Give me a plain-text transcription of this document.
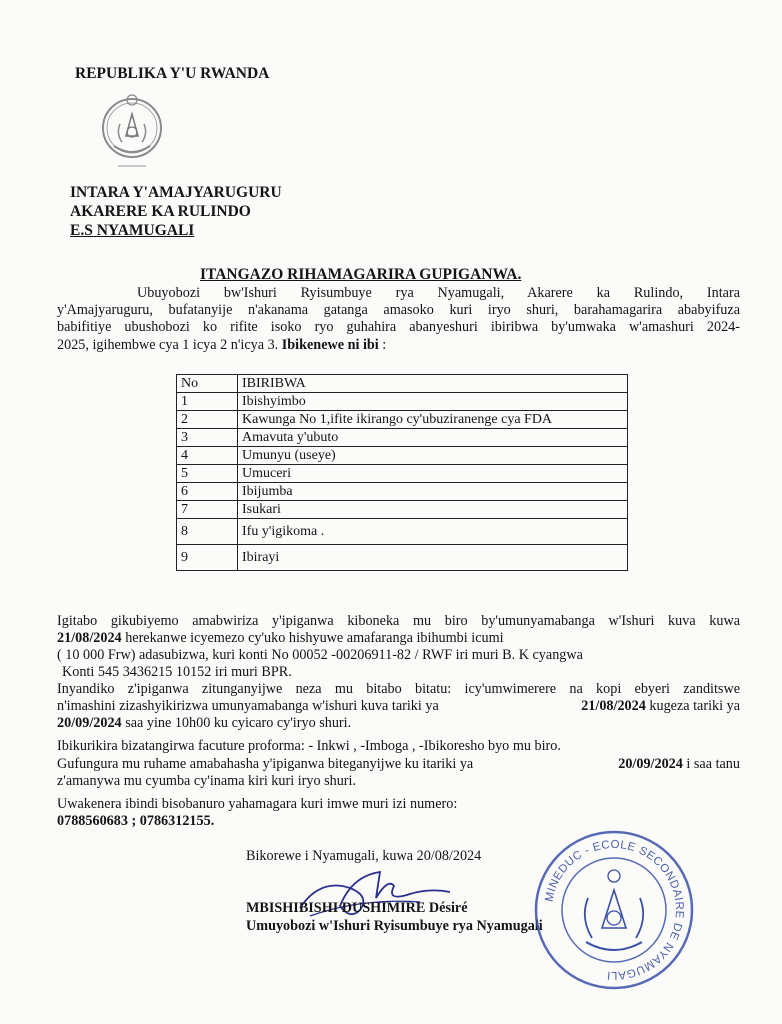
REPUBLIKA Y'U RWANDA
INTARA Y'AMAJYARUGURU
AKARERE KA RULINDO
E.S NYAMUGALI
ITANGAZO RIHAMAGARIRA GUPIGANWA.
Ubuyobozi bw'Ishuri Ryisumbuye rya Nyamugali, Akarere ka Rulindo, Intara
y'Amajyaruguru, bufatanyije n'akanama gatanga amasoko kuri iryo shuri, barahamagarira ababyifuza
babifitiye ubushobozi ko rifite isoko ryo guhahira abanyeshuri ibiribwa by'umwaka w'amashuri 2024-
2025, igihembwe cya 1 icya 2 n'icya 3. Ibikenewe ni ibi :
No	IBIRIBWA
1	Ibishyimbo
2	Kawunga No 1,ifite ikirango cy'ubuziranenge cya FDA
3	Amavuta y'ubuto
4	Umunyu (useye)
5	Umuceri
6	Ibijumba
7	Isukari
8	Ifu y'igikoma .
9	Ibirayi
Igitabo gikubiyemo amabwiriza y'ipiganwa kiboneka mu biro by'umunyamabanga w'Ishuri kuva kuwa
21/08/2024 herekanwe icyemezo cy'uko hishyuwe amafaranga ibihumbi icumi
( 10 000 Frw) adasubizwa, kuri konti No 00052 -00206911-82 / RWF iri muri B. K cyangwa
Konti 545 3436215 10152 iri muri BPR.
Inyandiko z'ipiganwa zitunganyijwe neza mu bitabo bitatu: icy'umwimerere na kopi ebyeri zanditswe
n'imashini zizashyikirizwa umunyamabanga w'ishuri kuva tariki ya	21/08/2024 kugeza tariki ya
20/09/2024 saa yine 10h00 ku cyicaro cy'iryo shuri.
Ibikurikira bizatangirwa facuture proforma: - Inkwi , -Imboga , -Ibikoresho byo mu biro.
Gufungura mu ruhame amabahasha y'ipiganwa biteganyijwe ku itariki ya	20/09/2024 i saa tanu
z'amanywa mu cyumba cy'inama kiri kuri iryo shuri.
Uwakenera ibindi bisobanuro yahamagara kuri imwe muri izi numero:
0788560683 ; 0786312155.
Bikorewe i Nyamugali, kuwa 20/08/2024
MBISHIBISHI DUSHIMIRE Désiré
Umuyobozi w'Ishuri Ryisumbuye rya Nyamugali
MINEDUC - ECOLE SECONDAIRE DE NYAMUGALI
